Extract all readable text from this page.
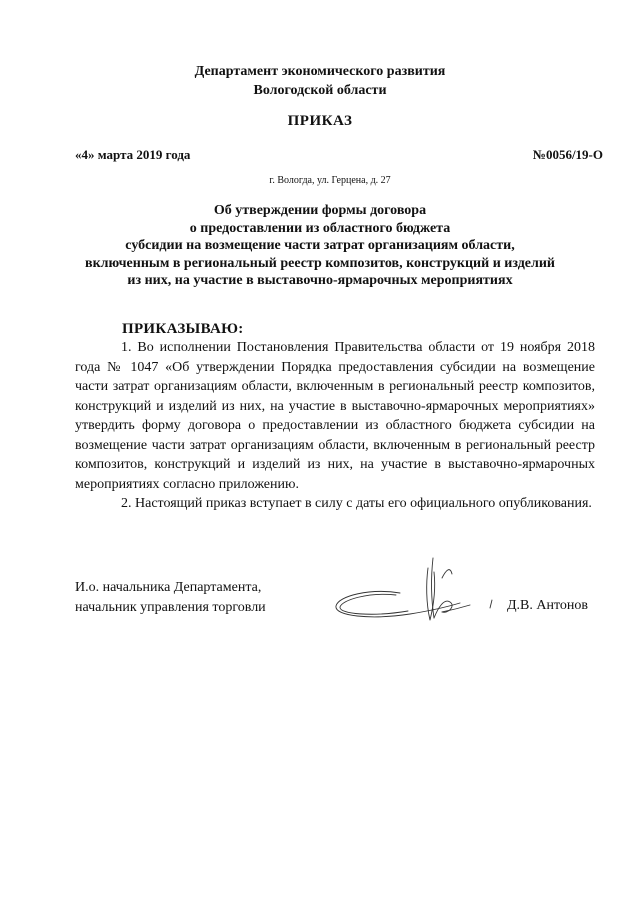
Департамент экономического развития
Вологодской области
ПРИКАЗ
«4» марта 2019 года	№0056/19-О
г. Вологда, ул. Герцена, д. 27
Об утверждении формы договора
о предоставлении из областного бюджета
субсидии на возмещение части затрат организациям области,
включенным в региональный реестр композитов, конструкций и изделий
из них, на участие в выставочно-ярмарочных мероприятиях
ПРИКАЗЫВАЮ:

1. Во исполнении Постановления Правительства области от 19 ноября 2018 года № 1047 «Об утверждении Порядка предоставления субсидии на возмещение части затрат организациям области, включенным в региональный реестр композитов, конструкций и изделий из них, на участие в выставочно-ярмарочных мероприятиях» утвердить форму договора о предоставлении из областного бюджета субсидии на возмещение части затрат организациям области, включенным в региональный реестр композитов, конструкций и изделий из них, на участие в выставочно-ярмарочных мероприятиях согласно приложению.

2. Настоящий приказ вступает в силу с даты его официального опубликования.

И.о. начальника Департамента,
начальник управления торговли	Д.В. Антонов
